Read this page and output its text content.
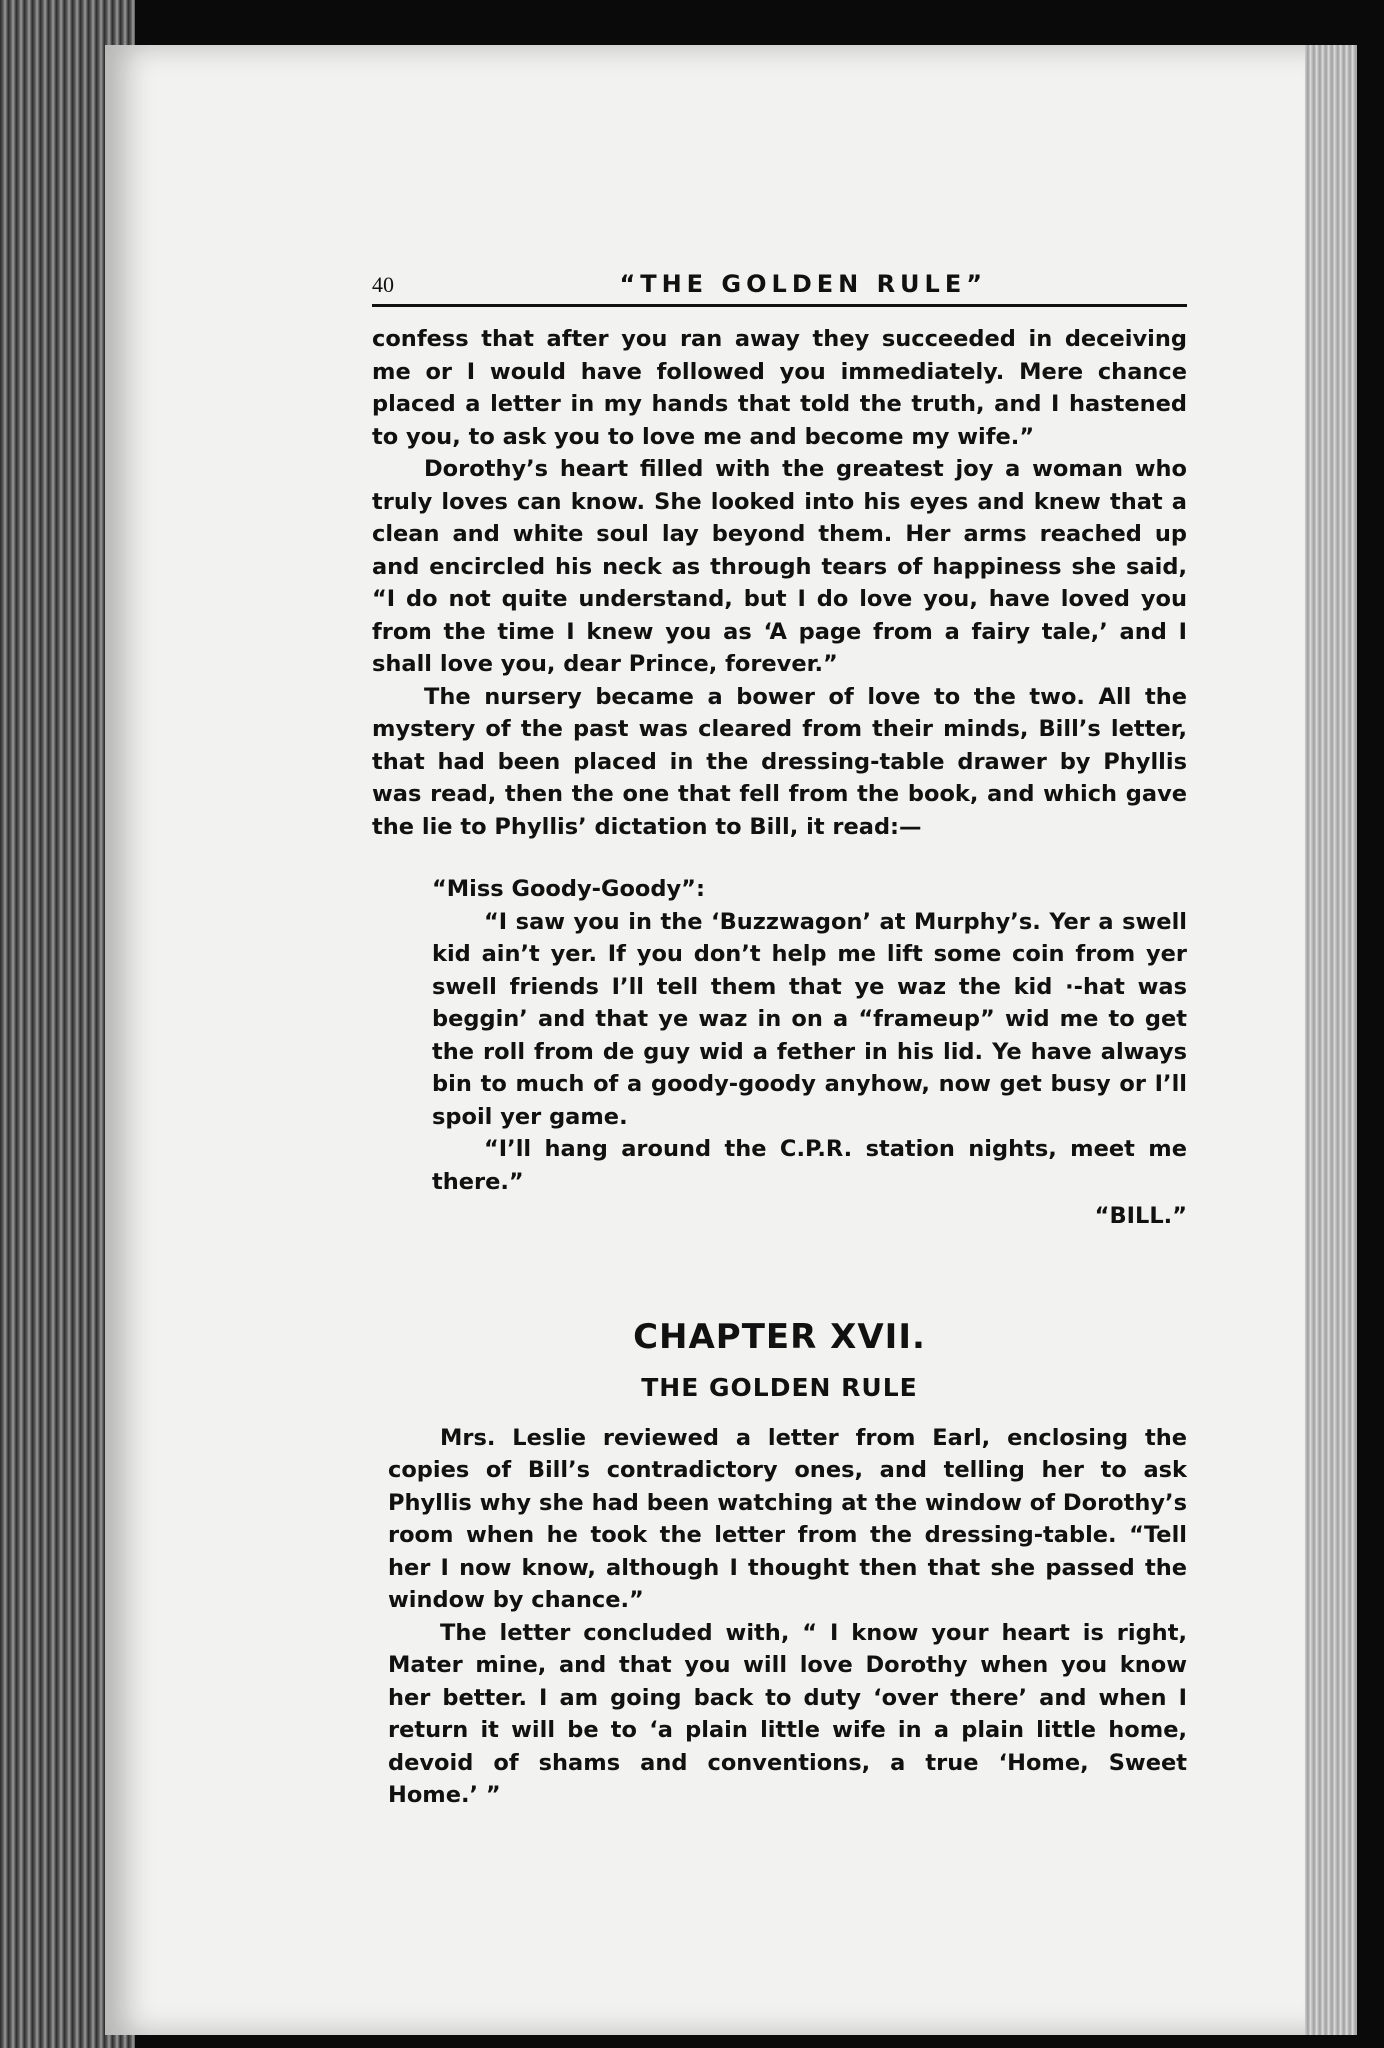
40	“THE GOLDEN RULE”

confess that after you ran away they succeeded in deceiving me or I would have followed you immediately. Mere chance placed a letter in my hands that told the truth, and I hastened to you, to ask you to love me and become my wife.”

Dorothy’s heart filled with the greatest joy a woman who truly loves can know. She looked into his eyes and knew that a clean and white soul lay beyond them. Her arms reached up and encircled his neck as through tears of happiness she said, “I do not quite understand, but I do love you, have loved you from the time I knew you as ‘A page from a fairy tale,’ and I shall love you, dear Prince, forever.”

The nursery became a bower of love to the two. All the mystery of the past was cleared from their minds, Bill’s letter, that had been placed in the dressing-table drawer by Phyllis was read, then the one that fell from the book, and which gave the lie to Phyllis’ dictation to Bill, it read:—

“Miss Goody-Goody”:

“I saw you in the ‘Buzzwagon’ at Murphy’s. Yer a swell kid ain’t yer. If you don’t help me lift some coin from yer swell friends I’ll tell them that ye waz the kid ·-hat was beggin’ and that ye waz in on a “frameup” wid me to get the roll from de guy wid a fether in his lid. Ye have always bin to much of a goody-goody anyhow, now get busy or I’ll spoil yer game.

“I’ll hang around the C.P.R. station nights, meet me there.”

“BILL.”

CHAPTER XVII.
THE GOLDEN RULE

Mrs. Leslie reviewed a letter from Earl, enclosing the copies of Bill’s contradictory ones, and telling her to ask Phyllis why she had been watching at the window of Dorothy’s room when he took the letter from the dressing-table. “Tell her I now know, although I thought then that she passed the window by chance.”

The letter concluded with, “ I know your heart is right, Mater mine, and that you will love Dorothy when you know her better. I am going back to duty ‘over there’ and when I return it will be to ‘a plain little wife in a plain little home, devoid of shams and conventions, a true ‘Home, Sweet Home.’ ”
